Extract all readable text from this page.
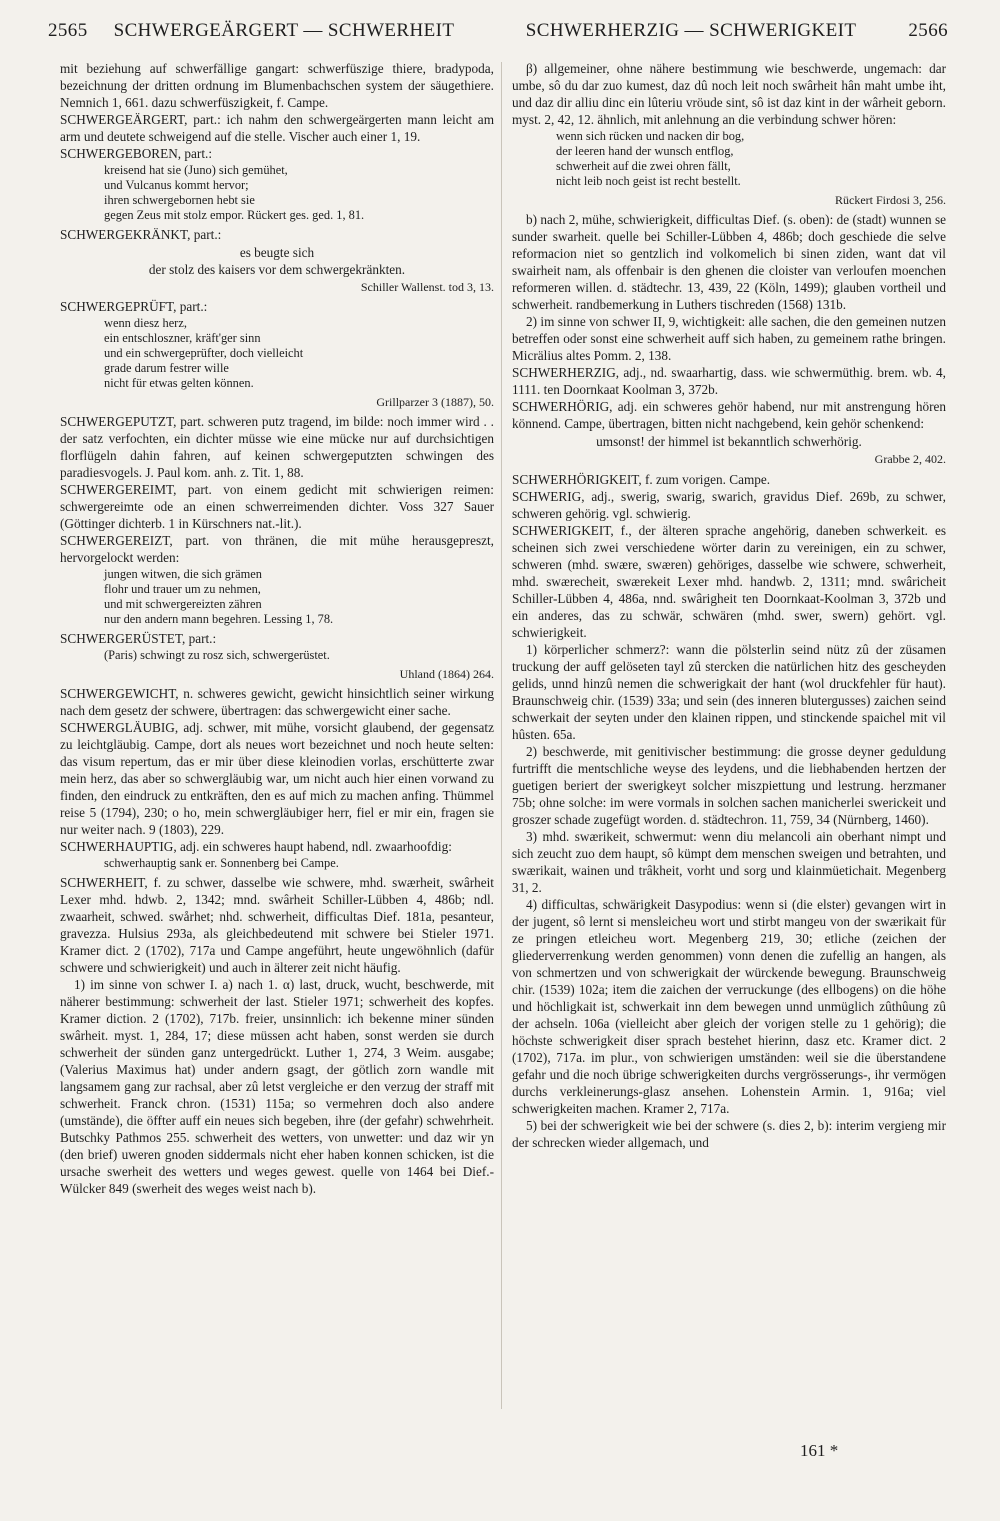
2565 SCHWERGEÄRGERT — SCHWERHEIT	SCHWERHERZIG — SCHWERIGKEIT	2566

mit beziehung auf schwerfällige gangart: schwerfüszige thiere, bradypoda, bezeichnung der dritten ordnung im Blumenbachschen system der säugethiere. Nemnich 1, 661. dazu schwerfüszigkeit, f. Campe.

SCHWERGEÄRGERT, part.: ich nahm den schwergeärgerten mann leicht am arm und deutete schweigend auf die stelle. Vischer auch einer 1, 19.

SCHWERGEBOREN, part.:

kreisend hat sie (Juno) sich gemühet,
und Vulcanus kommt hervor;
ihren schwergebornen hebt sie
gegen Zeus mit stolz empor. Rückert ges. ged. 1, 81.

SCHWERGEKRÄNKT, part.:

es beugte sich
der stolz des kaisers vor dem schwergekränkten.

Schiller Wallenst. tod 3, 13.

SCHWERGEPRÜFT, part.:

wenn diesz herz,
ein entschloszner, kräft'ger sinn
und ein schwergeprüfter, doch vielleicht
grade darum festrer wille
nicht für etwas gelten können.

Grillparzer 3 (1887), 50.

SCHWERGEPUTZT, part. schweren putz tragend, im bilde: noch immer wird . . der satz verfochten, ein dichter müsse wie eine mücke nur auf durchsichtigen florflügeln dahin fahren, auf keinen schwergeputzten schwingen des paradiesvogels. J. Paul kom. anh. z. Tit. 1, 88.

SCHWERGEREIMT, part. von einem gedicht mit schwierigen reimen: schwergereimte ode an einen schwerreimenden dichter. Voss 327 Sauer (Göttinger dichterb. 1 in Kürschners nat.-lit.).

SCHWERGEREIZT, part. von thränen, die mit mühe herausgepreszt, hervorgelockt werden:

jungen witwen, die sich grämen
flohr und trauer um zu nehmen,
und mit schwergereizten zähren
nur den andern mann begehren. Lessing 1, 78.

SCHWERGERÜSTET, part.:

(Paris) schwingt zu rosz sich, schwergerüstet.

Uhland (1864) 264.

SCHWERGEWICHT, n. schweres gewicht, gewicht hinsichtlich seiner wirkung nach dem gesetz der schwere, übertragen: das schwergewicht einer sache.

SCHWERGLÄUBIG, adj. schwer, mit mühe, vorsicht glaubend, der gegensatz zu leichtgläubig. Campe, dort als neues wort bezeichnet und noch heute selten: das visum repertum, das er mir über diese kleinodien vorlas, erschütterte zwar mein herz, das aber so schwergläubig war, um nicht auch hier einen vorwand zu finden, den eindruck zu entkräften, den es auf mich zu machen anfing. Thümmel reise 5 (1794), 230; o ho, mein schwergläubiger herr, fiel er mir ein, fragen sie nur weiter nach. 9 (1803), 229.

SCHWERHAUPTIG, adj. ein schweres haupt habend, ndl. zwaarhoofdig:

schwerhauptig sank er. Sonnenberg bei Campe.

SCHWERHEIT, f. zu schwer, dasselbe wie schwere, mhd. swærheit, swârheit Lexer mhd. hdwb. 2, 1342; mnd. swârheit Schiller-Lübben 4, 486b; ndl. zwaarheit, schwed. swårhet; nhd. schwerheit, difficultas Dief. 181a, pesanteur, gravezza. Hulsius 293a, als gleichbedeutend mit schwere bei Stieler 1971. Kramer dict. 2 (1702), 717a und Campe angeführt, heute ungewöhnlich (dafür schwere und schwierigkeit) und auch in älterer zeit nicht häufig.

1) im sinne von schwer I. a) nach 1. α) last, druck, wucht, beschwerde, mit näherer bestimmung: schwerheit der last. Stieler 1971; schwerheit des kopfes. Kramer diction. 2 (1702), 717b. freier, unsinnlich: ich bekenne miner sünden swârheit. myst. 1, 284, 17; diese müssen acht haben, sonst werden sie durch schwerheit der sünden ganz untergedrückt. Luther 1, 274, 3 Weim. ausgabe; (Valerius Maximus hat) under andern gsagt, der götlich zorn wandle mit langsamem gang zur rachsal, aber zû letst vergleiche er den verzug der straff mit schwerheit. Franck chron. (1531) 115a; so vermehren doch also andere (umstände), die öffter auff ein neues sich begeben, ihre (der gefahr) schwehrheit. Butschky Pathmos 255. schwerheit des wetters, von unwetter: und daz wir yn (den brief) uweren gnoden siddermals nicht eher haben konnen schicken, ist die ursache swerheit des wetters und weges gewest. quelle von 1464 bei Dief.-Wülcker 849 (swerheit des weges weist nach b).

β) allgemeiner, ohne nähere bestimmung wie beschwerde, ungemach: dar umbe, sô du dar zuo kumest, daz dû noch leit noch swârheit hân maht umbe iht, und daz dir alliu dinc ein lûteriu vröude sint, sô ist daz kint in der wârheit geborn. myst. 2, 42, 12. ähnlich, mit anlehnung an die verbindung schwer hören:

wenn sich rücken und nacken dir bog,
der leeren hand der wunsch entflog,
schwerheit auf die zwei ohren fällt,
nicht leib noch geist ist recht bestellt.

Rückert Firdosi 3, 256.

b) nach 2, mühe, schwierigkeit, difficultas Dief. (s. oben): de (stadt) wunnen se sunder swarheit. quelle bei Schiller-Lübben 4, 486b; doch geschiede die selve reformacion niet so gentzlich ind volkomelich bi sinen ziden, want dat vil swairheit nam, als offenbair is den ghenen die cloister van verloufen moenchen reformeren willen. d. städtechr. 13, 439, 22 (Köln, 1499); glauben vortheil und schwerheit. randbemerkung in Luthers tischreden (1568) 131b.

2) im sinne von schwer II, 9, wichtigkeit: alle sachen, die den gemeinen nutzen betreffen oder sonst eine schwerheit auff sich haben, zu gemeinem rathe bringen. Micrälius altes Pomm. 2, 138.

SCHWERHERZIG, adj., nd. swaarhartig, dass. wie schwermüthig. brem. wb. 4, 1111. ten Doornkaat Koolman 3, 372b.

SCHWERHÖRIG, adj. ein schweres gehör habend, nur mit anstrengung hören könnend. Campe, übertragen, bitten nicht nachgebend, kein gehör schenkend:

umsonst! der himmel ist bekanntlich schwerhörig.

Grabbe 2, 402.

SCHWERHÖRIGKEIT, f. zum vorigen. Campe.

SCHWERIG, adj., swerig, swarig, swarich, gravidus Dief. 269b, zu schwer, schweren gehörig. vgl. schwierig.

SCHWERIGKEIT, f., der älteren sprache angehörig, daneben schwerkeit. es scheinen sich zwei verschiedene wörter darin zu vereinigen, ein zu schwer, schweren (mhd. swære, swæren) gehöriges, dasselbe wie schwere, schwerheit, mhd. swærecheit, swærekeit Lexer mhd. handwb. 2, 1311; mnd. swâricheit Schiller-Lübben 4, 486a, nnd. swârigheit ten Doornkaat-Koolman 3, 372b und ein anderes, das zu schwär, schwären (mhd. swer, swern) gehört. vgl. schwierigkeit.

1) körperlicher schmerz?: wann die pölsterlin seind nütz zû der züsamen truckung der auff gelöseten tayl zû stercken die natürlichen hitz des gescheyden gelids, unnd hinzû nemen die schwerigkait der hant (wol druckfehler für haut). Braunschweig chir. (1539) 33a; und sein (des inneren blutergusses) zaichen seind schwerkait der seyten under den klainen rippen, und stinckende spaichel mit vil hûsten. 65a.

2) beschwerde, mit genitivischer bestimmung: die grosse deyner geduldung furtrifft die mentschliche weyse des leydens, und die liebhabenden hertzen der guetigen beriert der swerigkeyt solcher miszpiettung und lestrung. herzmaner 75b; ohne solche: im were vormals in solchen sachen manicherlei swerickeit und groszer schade zugefügt worden. d. städtechron. 11, 759, 34 (Nürnberg, 1460).

3) mhd. swærikeit, schwermut: wenn diu melancoli ain oberhant nimpt und sich zeucht zuo dem haupt, sô kümpt dem menschen sweigen und betrahten, und swærikait, wainen und trâkheit, vorht und sorg und klainmüetichait. Megenberg 31, 2.

4) difficultas, schwärigkeit Dasypodius: wenn si (die elster) gevangen wirt in der jugent, sô lernt si mensleicheu wort und stirbt mangeu von der swærikait für ze pringen etleicheu wort. Megenberg 219, 30; etliche (zeichen der gliederverrenkung werden genommen) vonn denen die zufellig an hangen, als von schmertzen und von schwerigkait der würckende bewegung. Braunschweig chir. (1539) 102a; item die zaichen der verruckunge (des ellbogens) on die höhe und höchligkait ist, schwerkait inn dem bewegen unnd unmüglich zûthûung zû der achseln. 106a (vielleicht aber gleich der vorigen stelle zu 1 gehörig); die höchste schwerigkeit diser sprach bestehet hierinn, dasz etc. Kramer dict. 2 (1702), 717a. im plur., von schwierigen umständen: weil sie die überstandene gefahr und die noch übrige schwerigkeiten durchs vergrösserungs-, ihr vermögen durchs verkleinerungs-glasz ansehen. Lohenstein Armin. 1, 916a; viel schwerigkeiten machen. Kramer 2, 717a.

5) bei der schwerigkeit wie bei der schwere (s. dies 2, b): interim vergieng mir der schrecken wieder allgemach, und

161 *
